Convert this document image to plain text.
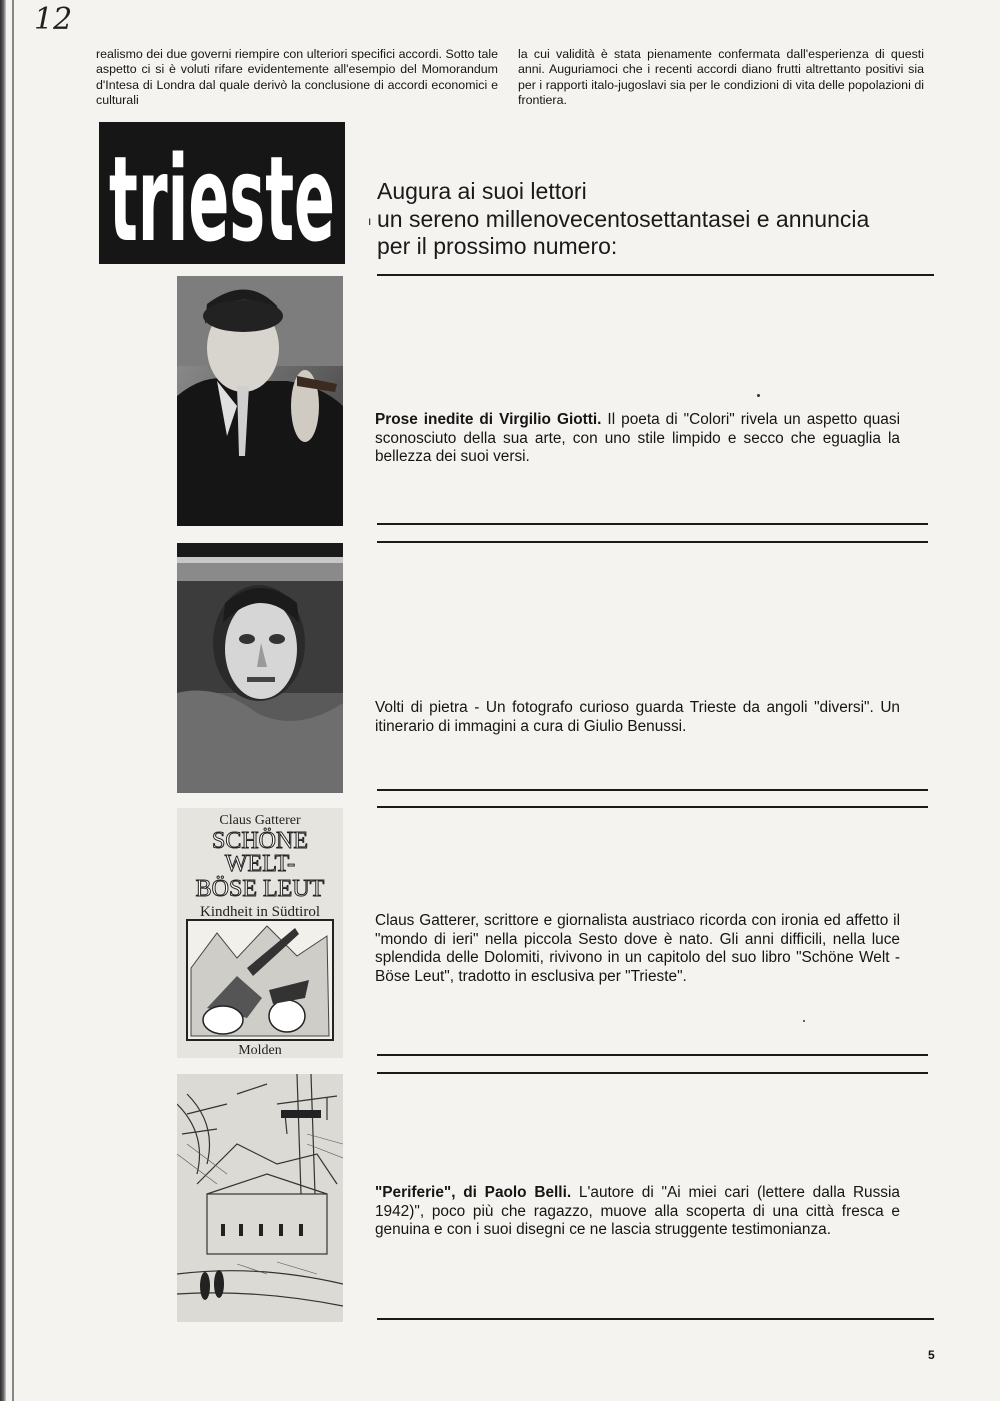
12

realismo dei due governi riempire con ulteriori specifici accordi. Sotto tale aspetto ci si è voluti rifare evidentemente all'esempio del Momorandum d'Intesa di Londra dal quale derivò la conclusione di accordi economici e culturali

la cui validità è stata pienamente confermata dall'esperienza di questi anni. Auguriamoci che i recenti accordi diano frutti altrettanto positivi sia per i rapporti italo-jugoslavi sia per le condizioni di vita delle popolazioni di frontiera.

trieste Augura ai suoi lettori
un sereno millenovecentosettantasei e annuncia
per il prossimo numero:
ı

Prose inedite di Virgilio Giotti. Il poeta di "Colori" rivela un aspetto quasi sconosciuto della sua arte, con uno stile limpido e secco che eguaglia la bellezza dei suoi versi.

Volti di pietra - Un fotografo curioso guarda Trieste da angoli "diversi". Un itinerario di immagini a cura di Giulio Benussi.

Claus Gatterer
SCHÖNE
WELT-
BÖSE LEUT
Kindheit in Südtirol
Molden

Claus Gatterer, scrittore e giornalista austriaco ricorda con ironia ed affetto il "mondo di ieri" nella piccola Sesto dove è nato. Gli anni difficili, nella luce splendida delle Dolomiti, rivivono in un capitolo del suo libro "Schöne Welt - Böse Leut", tradotto in esclusiva per "Trieste".

"Periferie", di Paolo Belli. L'autore di "Ai miei cari (lettere dalla Russia 1942)", poco più che ragazzo, muove alla scoperta di una città fresca e genuina e con i suoi disegni ce ne lascia struggente testimonianza.

5
